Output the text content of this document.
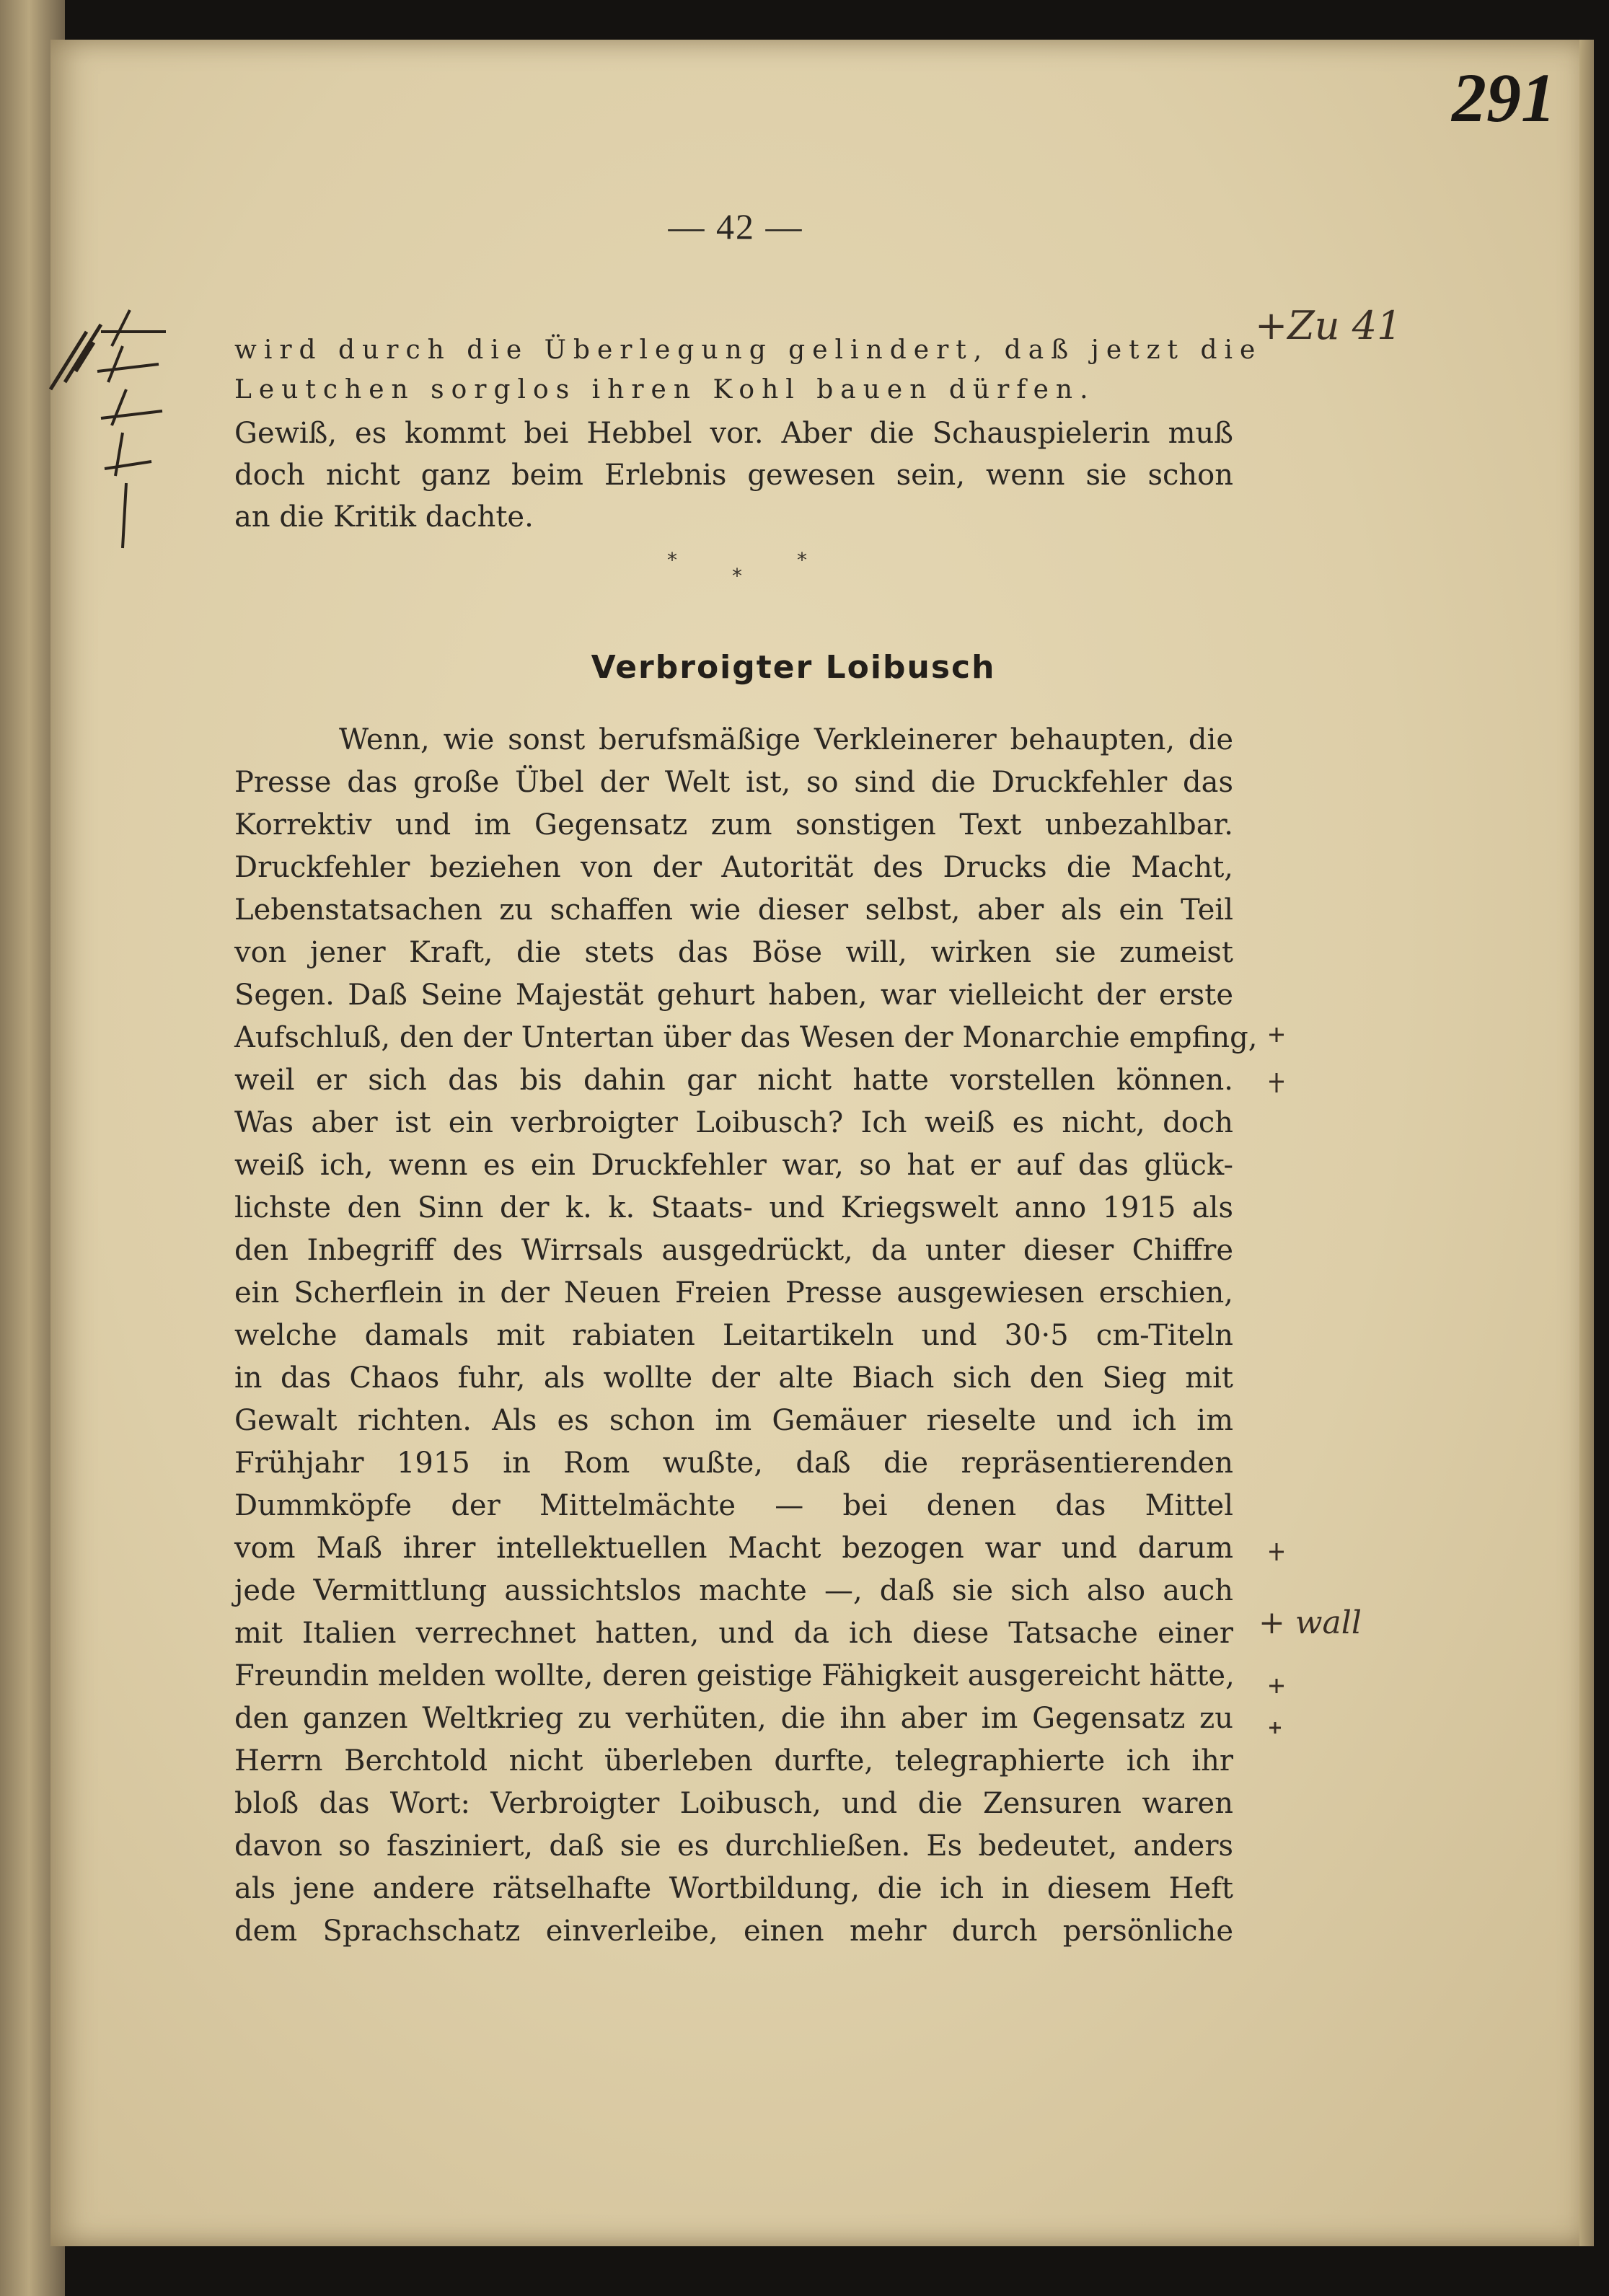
291
— 42 —
wird durch die Überlegung gelindert, daß jetzt die
Leutchen sorglos ihren Kohl bauen dürfen.
Gewiß, es kommt bei Hebbel vor. Aber die Schauspielerin muß
doch nicht ganz beim Erlebnis gewesen sein, wenn sie schon
an die Kritik dachte.
*
*
*
Verbroigter Loibusch
Wenn, wie sonst berufsmäßige Verkleinerer behaupten, die
Presse das große Übel der Welt ist, so sind die Druckfehler das
Korrektiv und im Gegensatz zum sonstigen Text unbezahlbar.
Druckfehler beziehen von der Autorität des Drucks die Macht,
Lebenstatsachen zu schaffen wie dieser selbst, aber als ein Teil
von jener Kraft, die stets das Böse will, wirken sie zumeist
Segen. Daß Seine Majestät gehurt haben, war vielleicht der erste
Aufschluß, den der Untertan über das Wesen der Monarchie empfing,
weil er sich das bis dahin gar nicht hatte vorstellen können.
Was aber ist ein verbroigter Loibusch? Ich weiß es nicht, doch
weiß ich, wenn es ein Druckfehler war, so hat er auf das glück-
lichste den Sinn der k. k. Staats- und Kriegswelt anno 1915 als
den Inbegriff des Wirrsals ausgedrückt, da unter dieser Chiffre
ein Scherflein in der Neuen Freien Presse ausgewiesen erschien,
welche damals mit rabiaten Leitartikeln und 30·5 cm-Titeln
in das Chaos fuhr, als wollte der alte Biach sich den Sieg mit
Gewalt richten. Als es schon im Gemäuer rieselte und ich im
Frühjahr 1915 in Rom wußte, daß die repräsentierenden
Dummköpfe der Mittelmächte — bei denen das Mittel
vom Maß ihrer intellektuellen Macht bezogen war und darum
jede Vermittlung aussichtslos machte —, daß sie sich also auch
mit Italien verrechnet hatten, und da ich diese Tatsache einer
Freundin melden wollte, deren geistige Fähigkeit ausgereicht hätte,
den ganzen Weltkrieg zu verhüten, die ihn aber im Gegensatz zu
Herrn Berchtold nicht überleben durfte, telegraphierte ich ihr
bloß das Wort: Verbroigter Loibusch, und die Zensuren waren
davon so fasziniert, daß sie es durchließen. Es bedeutet, anders
als jene andere rätselhafte Wortbildung, die ich in diesem Heft
dem Sprachschatz einverleibe, einen mehr durch persönliche
+Zu 41
+ wall
